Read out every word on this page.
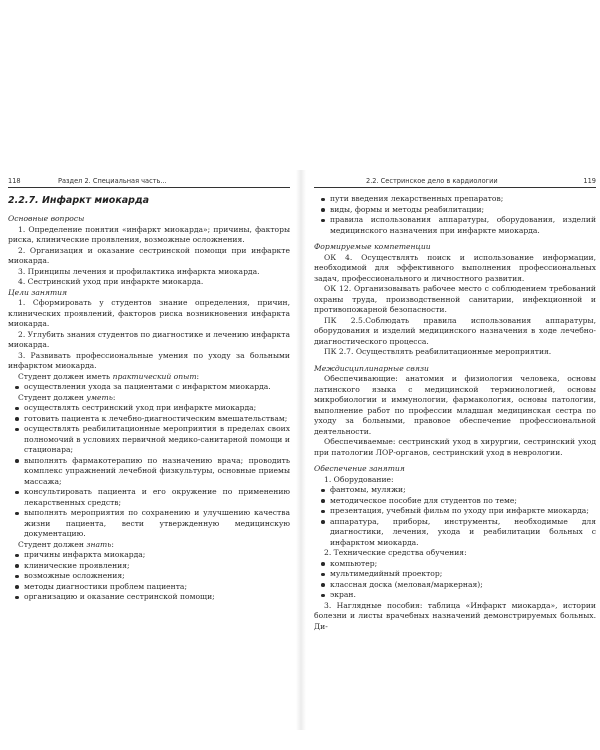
118	Раздел 2. Специальная часть...
2.2.7. Инфаркт миокарда

Основные вопросы

1. Определение понятия «инфаркт миокарда»; причины, факторы риска, клинические проявления, возможные осложнения.

2. Организация и оказание сестринской помощи при инфаркте миокарда.

3. Принципы лечения и профилактика инфаркта миокарда.

4. Сестринский уход при инфаркте миокарда.

Цели занятия

1. Сформировать у студентов знание определения, причин, клинических проявлений, факторов риска возникновения инфаркта миокарда.

2. Углубить знания студентов по диагностике и лечению инфаркта миокарда.

3. Развивать профессиональные умения по уходу за больными инфарктом миокарда.

Студент должен иметь практический опыт:

осуществления ухода за пациентами с инфарктом миокарда.

Студент должен уметь:

осуществлять сестринский уход при инфаркте миокарда;
готовить пациента к лечебно-диагностическим вмешательствам;
осуществлять реабилитационные мероприятия в пределах своих полномочий в условиях первичной медико-санитарной помощи и стационара;
выполнять фармакотерапию по назначению врача; проводить комплекс упражнений лечебной физкультуры, основные приемы массажа;
консультировать пациента и его окружение по применению лекарственных средств;
выполнять мероприятия по сохранению и улучшению качества жизни пациента, вести утвержденную медицинскую документацию.

Студент должен знать:

причины инфаркта миокарда;
клинические проявления;
возможные осложнения;
методы диагностики проблем пациента;
организацию и оказание сестринской помощи;
2.2. Сестринское дело в кардиологии	119
пути введения лекарственных препаратов;
виды, формы и методы реабилитации;
правила использования аппаратуры, оборудования, изделий медицинского назначения при инфаркте миокарда.

Формируемые компетенции

ОК 4. Осуществлять поиск и использование информации, необходимой для эффективного выполнения профессиональных задач, профессионального и личностного развития.

ОК 12. Организовывать рабочее место с соблюдением требований охраны труда, производственной санитарии, инфекционной и противопожарной безопасности.

ПК 2.5.Соблюдать правила использования аппаратуры, оборудования и изделий медицинского назначения в ходе лечебно-диагностического процесса.

ПК 2.7. Осуществлять реабилитационные мероприятия.

Междисциплинарные связи

Обеспечивающие: анатомия и физиология человека, основы латинского языка с медицинской терминологией, основы микробиологии и иммунологии, фармакология, основы патологии, выполнение работ по профессии младшая медицинская сестра по уходу за больными, правовое обеспечение профессиональной деятельности.

Обеспечиваемые: сестринский уход в хирургии, сестринский уход при патологии ЛОР-органов, сестринский уход в неврологии.

Обеспечение занятия

1. Оборудование:

фантомы, муляжи;
методическое пособие для студентов по теме;
презентация, учебный фильм по уходу при инфаркте миокарда;
аппаратура, приборы, инструменты, необходимые для диагностики, лечения, ухода и реабилитации больных с инфарктом миокарда.

2. Технические средства обучения:

компьютер;
мультимедийный проектор;
классная доска (меловая/маркерная);
экран.

3. Наглядные пособия: таблица «Инфаркт миокарда», истории болезни и листы врачебных назначений демонстрируемых больных. Ди-
